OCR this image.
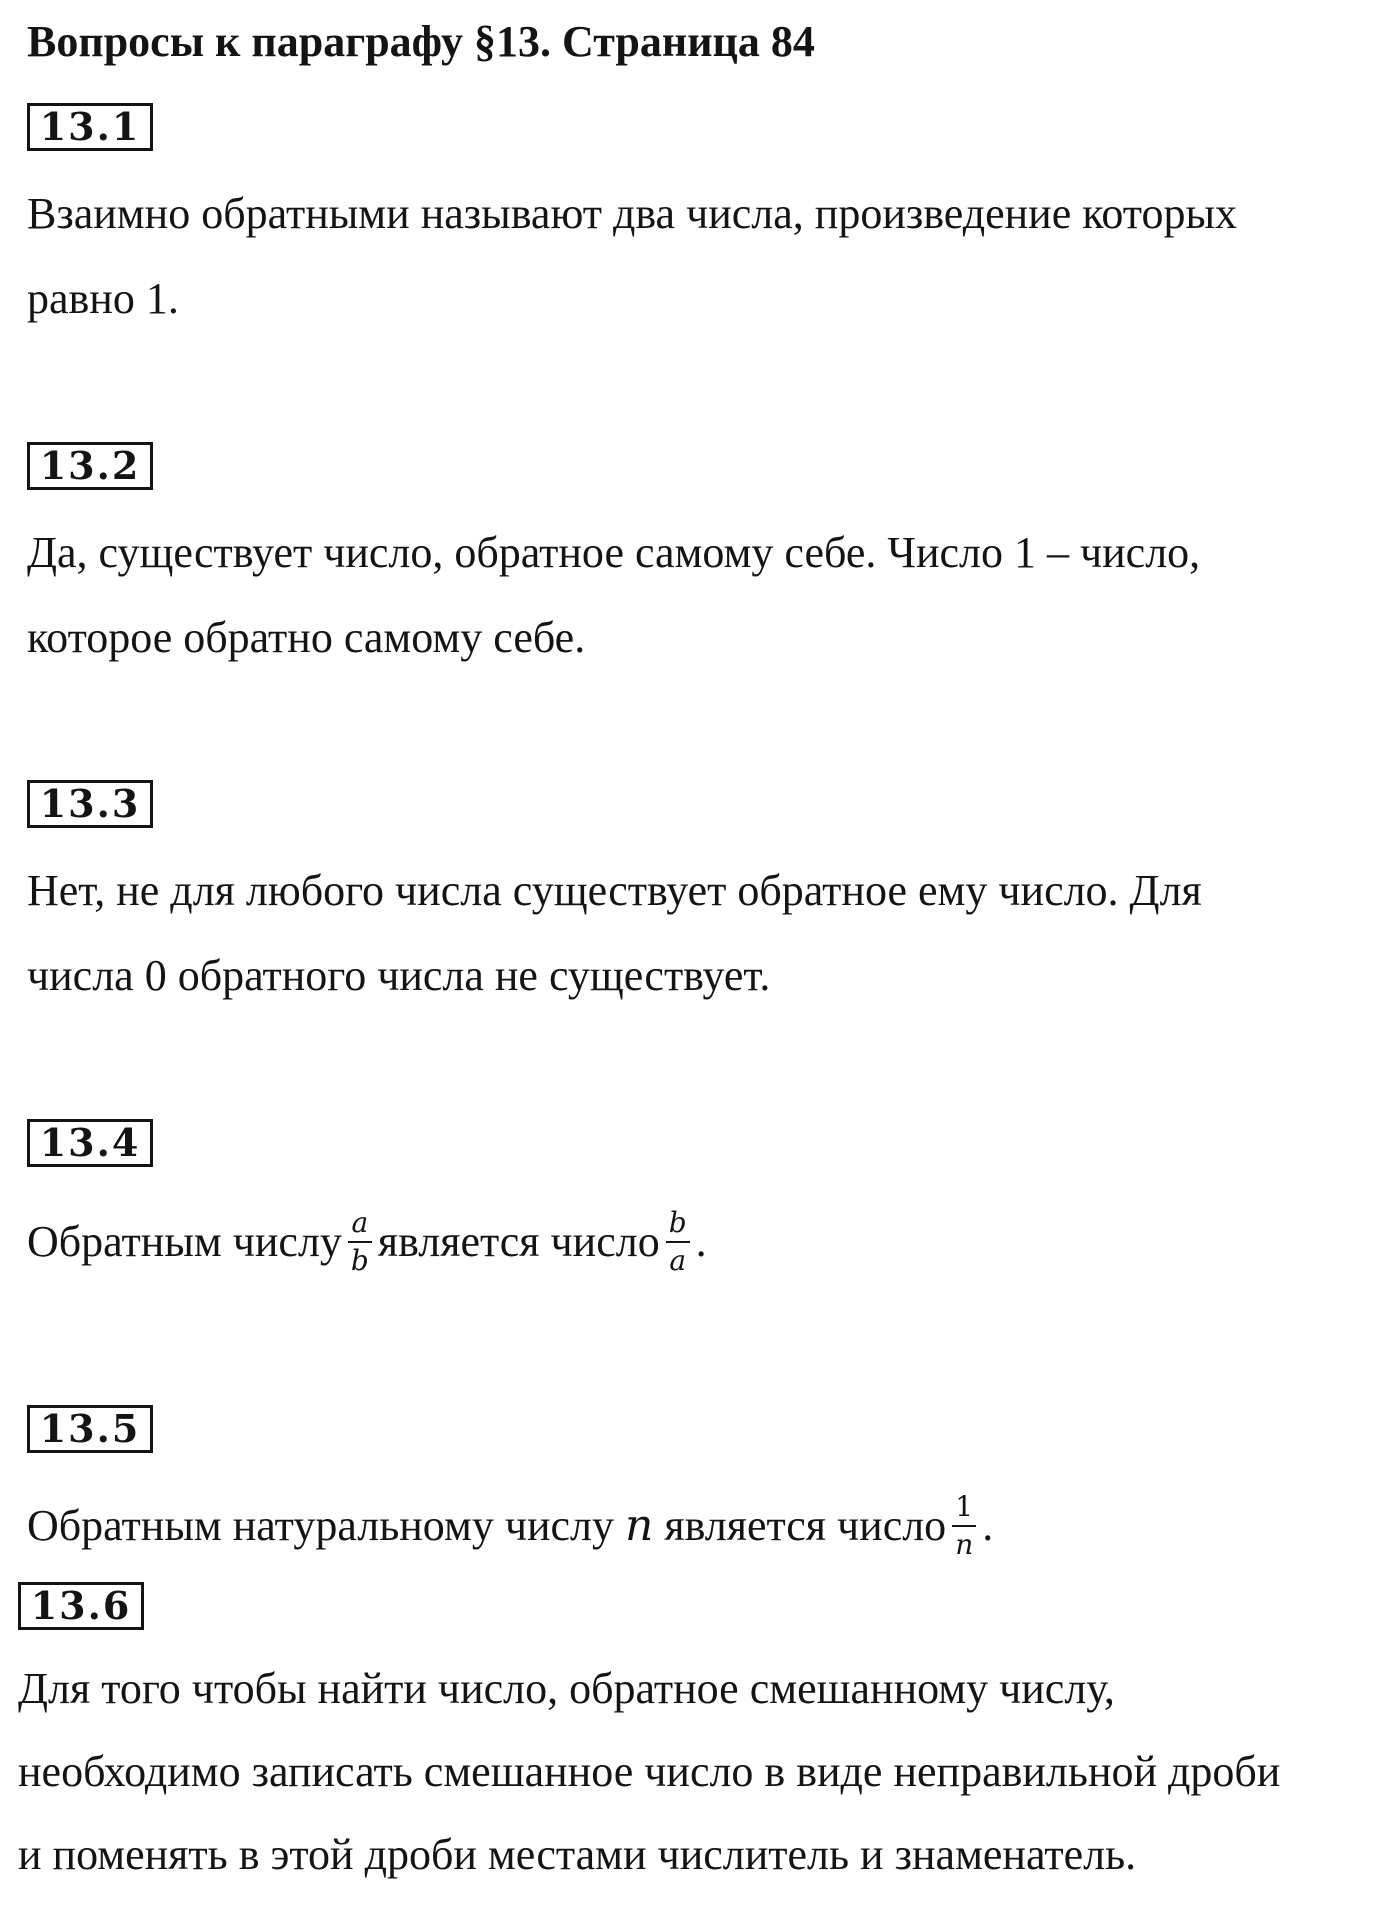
Вопросы к параграфу §13. Страница 84
13.1
Взаимно обратными называют два числа, произведение которых
равно 1.
13.2
Да, существует число, обратное самому себе. Число 1 – число,
которое обратно самому себе.
13.3
Нет, не для любого числа существует обратное ему число. Для
числа 0 обратного числа не существует.
13.4
Обратным числу $\frac{a}{b}$ является число $\frac{b}{a}$ .
13.5
Обратным натуральному числу n является число $\frac{1}{n}$ .
13.6
Для того чтобы найти число, обратное смешанному числу,
необходимо записать смешанное число в виде неправильной дроби
и поменять в этой дроби местами числитель и знаменатель.
